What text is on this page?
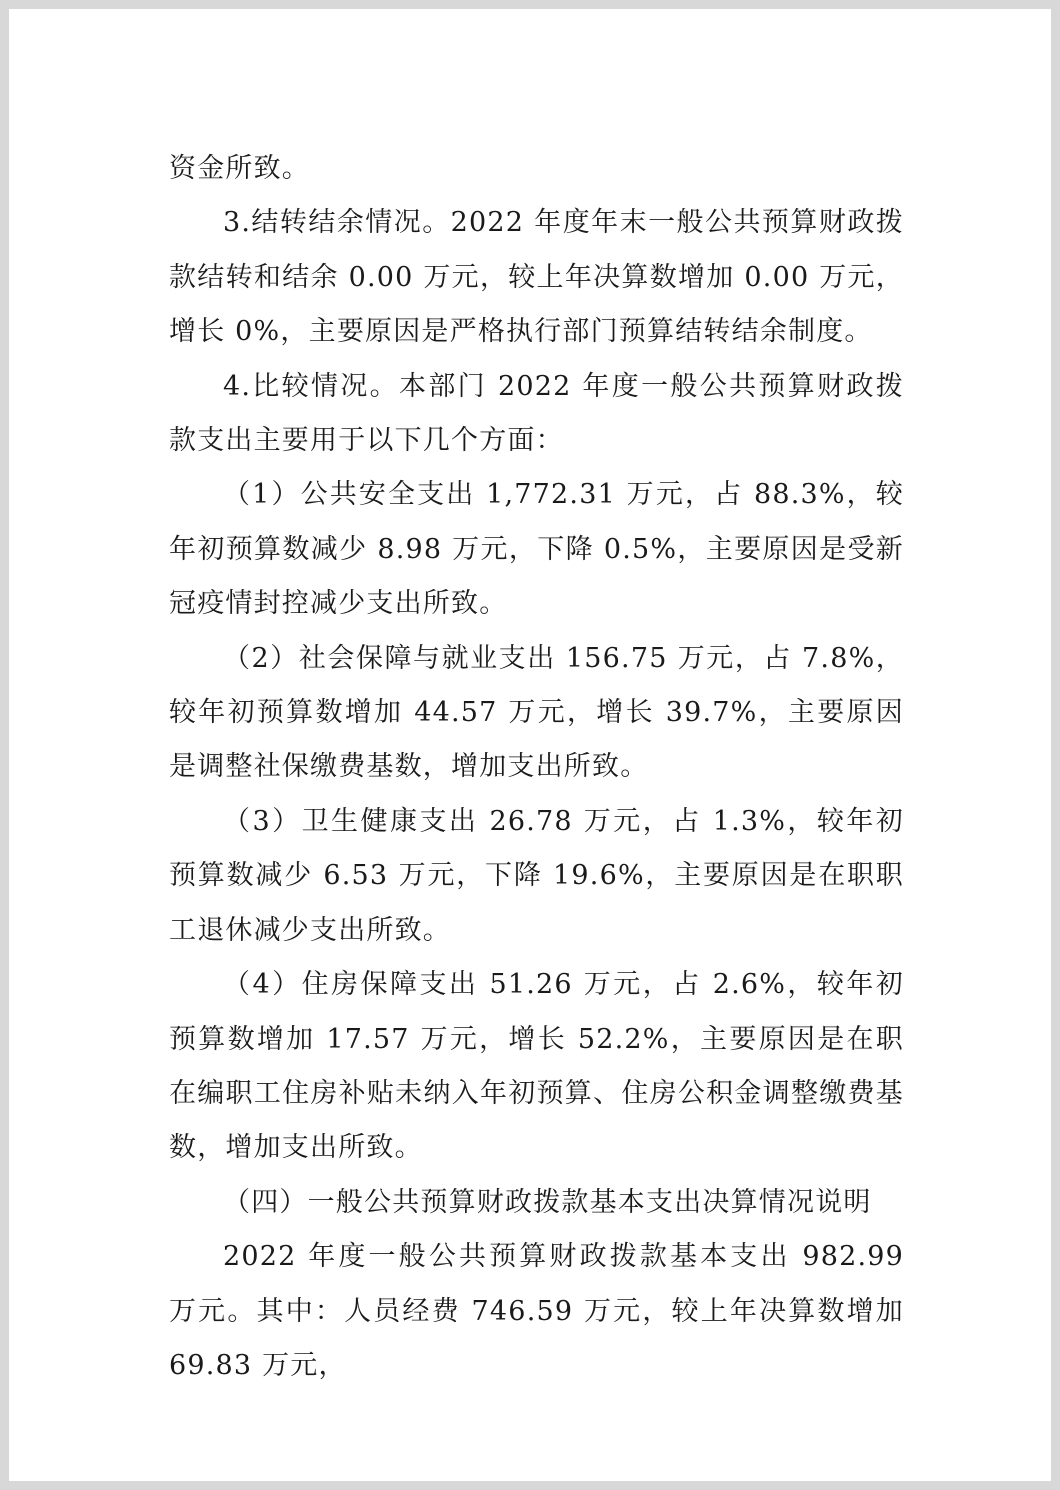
资金所致。

3.结转结余情况。2022 年度年末一般公共预算财政拨款结转和结余 0.00 万元，较上年决算数增加 0.00 万元，增长 0%，主要原因是严格执行部门预算结转结余制度。

4.比较情况。本部门 2022 年度一般公共预算财政拨款支出主要用于以下几个方面：

（1）公共安全支出 1,772.31 万元，占 88.3%，较年初预算数减少 8.98 万元，下降 0.5%，主要原因是受新冠疫情封控减少支出所致。

（2）社会保障与就业支出 156.75 万元，占 7.8%，较年初预算数增加 44.57 万元，增长 39.7%，主要原因是调整社保缴费基数，增加支出所致。

（3）卫生健康支出 26.78 万元，占 1.3%，较年初预算数减少 6.53 万元，下降 19.6%，主要原因是在职职工退休减少支出所致。

（4）住房保障支出 51.26 万元，占 2.6%，较年初预算数增加 17.57 万元，增长 52.2%，主要原因是在职在编职工住房补贴未纳入年初预算、住房公积金调整缴费基数，增加支出所致。

（四）一般公共预算财政拨款基本支出决算情况说明

2022 年度一般公共预算财政拨款基本支出 982.99 万元。其中：人员经费 746.59 万元，较上年决算数增加 69.83 万元，
